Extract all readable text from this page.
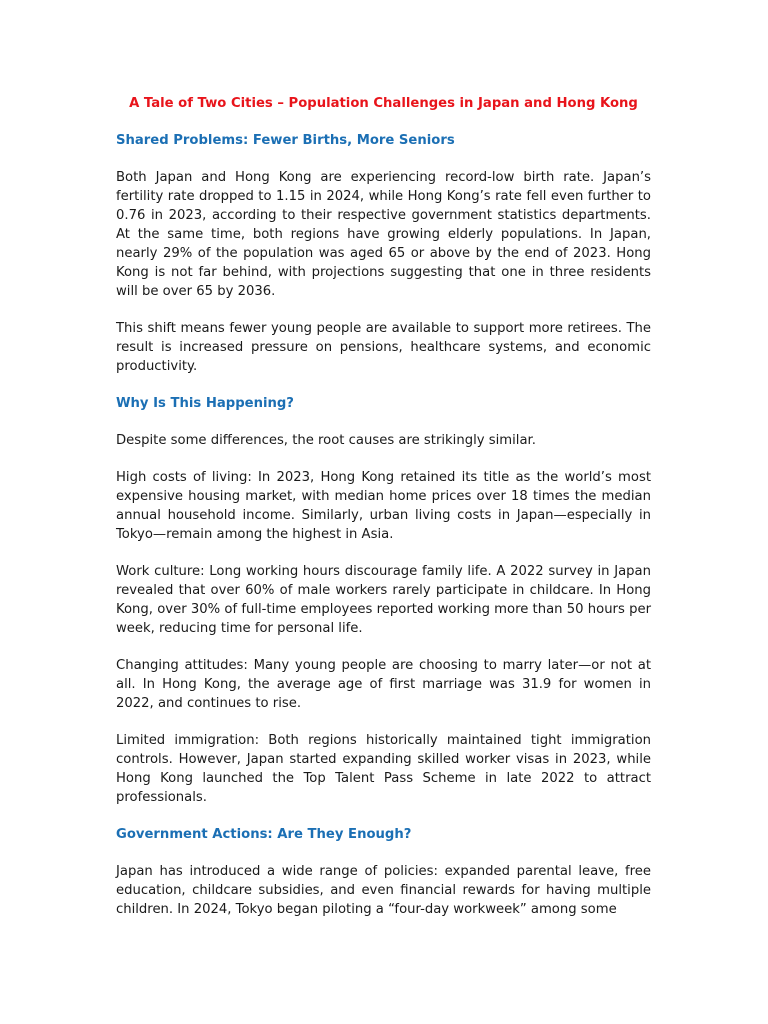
A Tale of Two Cities – Population Challenges in Japan and Hong Kong
Shared Problems: Fewer Births, More Seniors

Both Japan and Hong Kong are experiencing record-low birth rate. Japan’s fertility rate dropped to 1.15 in 2024, while Hong Kong’s rate fell even further to 0.76 in 2023, according to their respective government statistics departments. At the same time, both regions have growing elderly populations. In Japan, nearly 29% of the population was aged 65 or above by the end of 2023. Hong Kong is not far behind, with projections suggesting that one in three residents will be over 65 by 2036.

This shift means fewer young people are available to support more retirees. The result is increased pressure on pensions, healthcare systems, and economic productivity.

Why Is This Happening?

Despite some differences, the root causes are strikingly similar.

High costs of living: In 2023, Hong Kong retained its title as the world’s most expensive housing market, with median home prices over 18 times the median annual household income. Similarly, urban living costs in Japan—especially in Tokyo—remain among the highest in Asia.

Work culture: Long working hours discourage family life. A 2022 survey in Japan revealed that over 60% of male workers rarely participate in childcare. In Hong Kong, over 30% of full-time employees reported working more than 50 hours per week, reducing time for personal life.

Changing attitudes: Many young people are choosing to marry later—or not at all. In Hong Kong, the average age of first marriage was 31.9 for women in 2022, and continues to rise.

Limited immigration: Both regions historically maintained tight immigration controls. However, Japan started expanding skilled worker visas in 2023, while Hong Kong launched the Top Talent Pass Scheme in late 2022 to attract professionals.

Government Actions: Are They Enough?

Japan has introduced a wide range of policies: expanded parental leave, free education, childcare subsidies, and even financial rewards for having multiple children. In 2024, Tokyo began piloting a “four-day workweek” among some
